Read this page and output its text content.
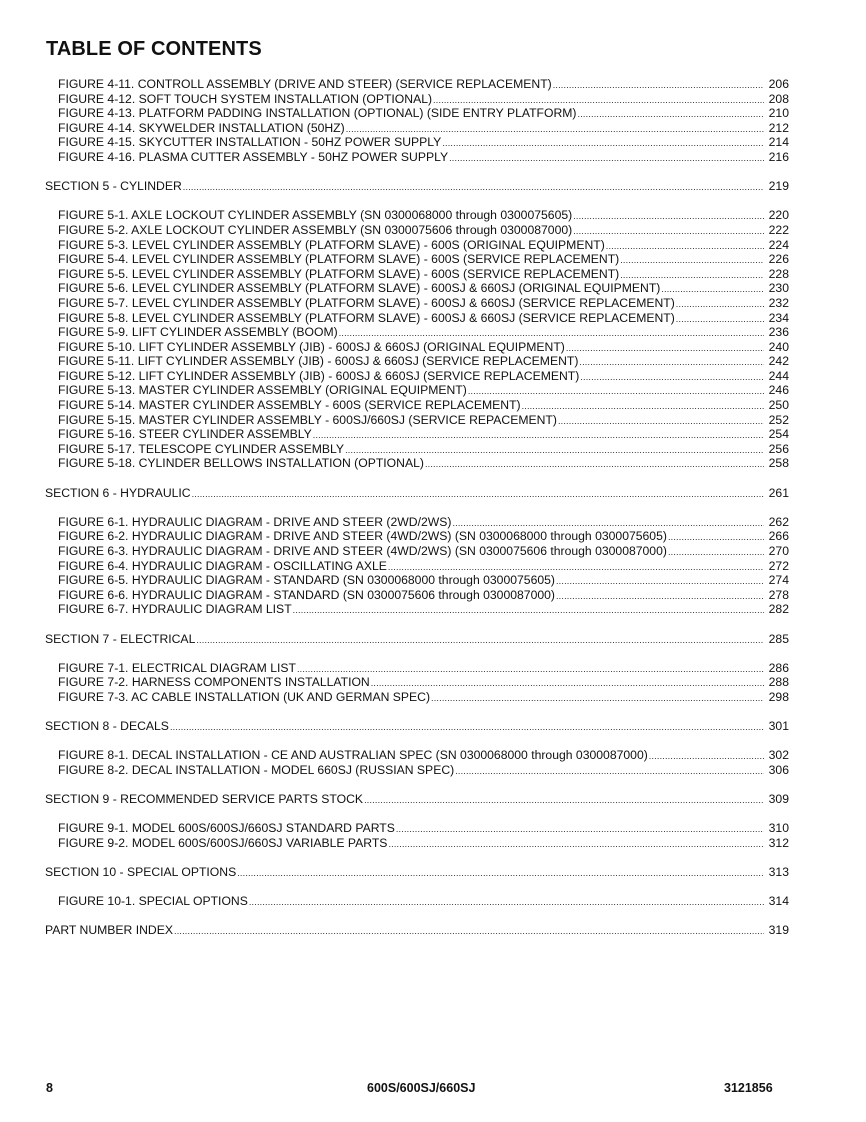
TABLE OF CONTENTS
FIGURE 4-11. CONTROLL ASSEMBLY (DRIVE AND STEER) (SERVICE REPLACEMENT) .....	206
FIGURE 4-12. SOFT TOUCH SYSTEM INSTALLATION (OPTIONAL) .....	208
FIGURE 4-13. PLATFORM PADDING INSTALLATION (OPTIONAL) (SIDE ENTRY PLATFORM) .....	210
FIGURE 4-14. SKYWELDER INSTALLATION (50HZ) .....	212
FIGURE 4-15. SKYCUTTER INSTALLATION - 50HZ POWER SUPPLY .....	214
FIGURE 4-16. PLASMA CUTTER ASSEMBLY - 50HZ POWER SUPPLY .....	216
SECTION 5 - CYLINDER .....	219
FIGURE 5-1. AXLE LOCKOUT CYLINDER ASSEMBLY (SN 0300068000 through 0300075605) .....	220
FIGURE 5-2. AXLE LOCKOUT CYLINDER ASSEMBLY (SN 0300075606 through 0300087000) .....	222
FIGURE 5-3. LEVEL CYLINDER ASSEMBLY (PLATFORM SLAVE) - 600S (ORIGINAL EQUIPMENT) .....	224
FIGURE 5-4. LEVEL CYLINDER ASSEMBLY (PLATFORM SLAVE) - 600S (SERVICE REPLACEMENT) .....	226
FIGURE 5-5. LEVEL CYLINDER ASSEMBLY (PLATFORM SLAVE) - 600S (SERVICE REPLACEMENT) .....	228
FIGURE 5-6. LEVEL CYLINDER ASSEMBLY (PLATFORM SLAVE) - 600SJ & 660SJ (ORIGINAL EQUIPMENT) .....	230
FIGURE 5-7. LEVEL CYLINDER ASSEMBLY (PLATFORM SLAVE) - 600SJ & 660SJ (SERVICE REPLACEMENT) .....	232
FIGURE 5-8. LEVEL CYLINDER ASSEMBLY (PLATFORM SLAVE) - 600SJ & 660SJ (SERVICE REPLACEMENT) .....	234
FIGURE 5-9. LIFT CYLINDER ASSEMBLY (BOOM) .....	236
FIGURE 5-10. LIFT CYLINDER ASSEMBLY (JIB) - 600SJ & 660SJ (ORIGINAL EQUIPMENT) .....	240
FIGURE 5-11. LIFT CYLINDER ASSEMBLY (JIB) - 600SJ & 660SJ (SERVICE REPLACEMENT) .....	242
FIGURE 5-12. LIFT CYLINDER ASSEMBLY (JIB) - 600SJ & 660SJ (SERVICE REPLACEMENT) .....	244
FIGURE 5-13. MASTER CYLINDER ASSEMBLY (ORIGINAL EQUIPMENT) .....	246
FIGURE 5-14. MASTER CYLINDER ASSEMBLY - 600S (SERVICE REPLACEMENT) .....	250
FIGURE 5-15. MASTER CYLINDER ASSEMBLY - 600SJ/660SJ (SERVICE REPACEMENT) .....	252
FIGURE 5-16. STEER CYLINDER ASSEMBLY .....	254
FIGURE 5-17. TELESCOPE CYLINDER ASSEMBLY .....	256
FIGURE 5-18. CYLINDER BELLOWS INSTALLATION (OPTIONAL) .....	258
SECTION 6 - HYDRAULIC .....	261
FIGURE 6-1. HYDRAULIC DIAGRAM - DRIVE AND STEER (2WD/2WS) .....	262
FIGURE 6-2. HYDRAULIC DIAGRAM - DRIVE AND STEER (4WD/2WS) (SN 0300068000 through 0300075605) .....	266
FIGURE 6-3. HYDRAULIC DIAGRAM - DRIVE AND STEER (4WD/2WS) (SN 0300075606 through 0300087000) .....	270
FIGURE 6-4. HYDRAULIC DIAGRAM - OSCILLATING AXLE .....	272
FIGURE 6-5. HYDRAULIC DIAGRAM - STANDARD (SN 0300068000 through 0300075605) .....	274
FIGURE 6-6. HYDRAULIC DIAGRAM - STANDARD (SN 0300075606 through 0300087000) .....	278
FIGURE 6-7. HYDRAULIC DIAGRAM LIST .....	282
SECTION 7 - ELECTRICAL .....	285
FIGURE 7-1. ELECTRICAL DIAGRAM LIST .....	286
FIGURE 7-2. HARNESS COMPONENTS INSTALLATION .....	288
FIGURE 7-3. AC CABLE INSTALLATION (UK AND GERMAN SPEC) .....	298
SECTION 8 - DECALS .....	301
FIGURE 8-1. DECAL INSTALLATION - CE AND AUSTRALIAN SPEC (SN 0300068000 through 0300087000) .....	302
FIGURE 8-2. DECAL INSTALLATION - MODEL 660SJ (RUSSIAN SPEC) .....	306
SECTION 9 - RECOMMENDED SERVICE PARTS STOCK .....	309
FIGURE 9-1. MODEL 600S/600SJ/660SJ STANDARD PARTS .....	310
FIGURE 9-2. MODEL 600S/600SJ/660SJ VARIABLE PARTS .....	312
SECTION 10 - SPECIAL OPTIONS .....	313
FIGURE 10-1. SPECIAL OPTIONS .....	314
PART NUMBER INDEX .....	319
8	600S/600SJ/660SJ	3121856
